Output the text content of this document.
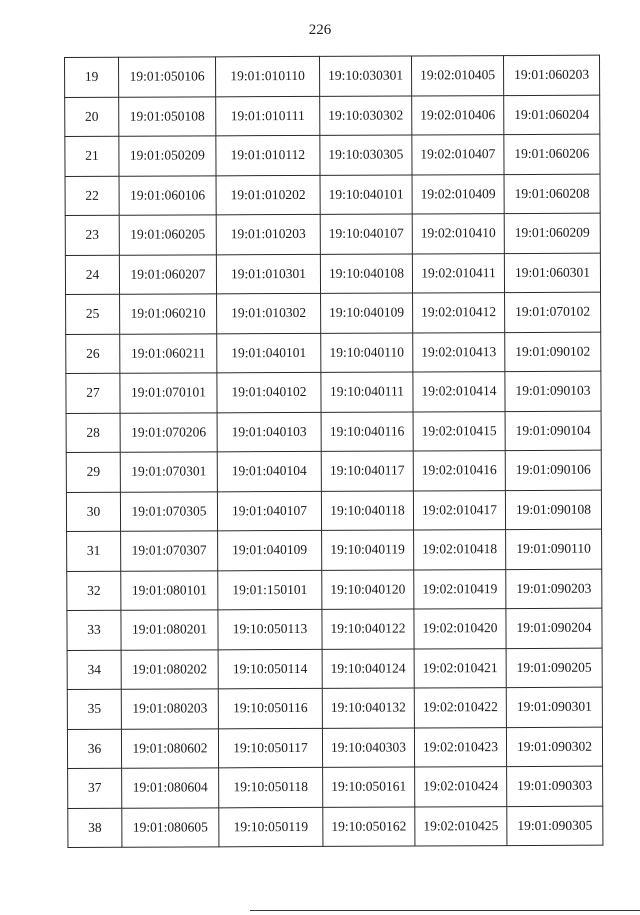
226
19	19:01:050106	19:01:010110	19:10:030301	19:02:010405	19:01:060203
20	19:01:050108	19:01:010111	19:10:030302	19:02:010406	19:01:060204
21	19:01:050209	19:01:010112	19:10:030305	19:02:010407	19:01:060206
22	19:01:060106	19:01:010202	19:10:040101	19:02:010409	19:01:060208
23	19:01:060205	19:01:010203	19:10:040107	19:02:010410	19:01:060209
24	19:01:060207	19:01:010301	19:10:040108	19:02:010411	19:01:060301
25	19:01:060210	19:01:010302	19:10:040109	19:02:010412	19:01:070102
26	19:01:060211	19:01:040101	19:10:040110	19:02:010413	19:01:090102
27	19:01:070101	19:01:040102	19:10:040111	19:02:010414	19:01:090103
28	19:01:070206	19:01:040103	19:10:040116	19:02:010415	19:01:090104
29	19:01:070301	19:01:040104	19:10:040117	19:02:010416	19:01:090106
30	19:01:070305	19:01:040107	19:10:040118	19:02:010417	19:01:090108
31	19:01:070307	19:01:040109	19:10:040119	19:02:010418	19:01:090110
32	19:01:080101	19:01:150101	19:10:040120	19:02:010419	19:01:090203
33	19:01:080201	19:10:050113	19:10:040122	19:02:010420	19:01:090204
34	19:01:080202	19:10:050114	19:10:040124	19:02:010421	19:01:090205
35	19:01:080203	19:10:050116	19:10:040132	19:02:010422	19:01:090301
36	19:01:080602	19:10:050117	19:10:040303	19:02:010423	19:01:090302
37	19:01:080604	19:10:050118	19:10:050161	19:02:010424	19:01:090303
38	19:01:080605	19:10:050119	19:10:050162	19:02:010425	19:01:090305
